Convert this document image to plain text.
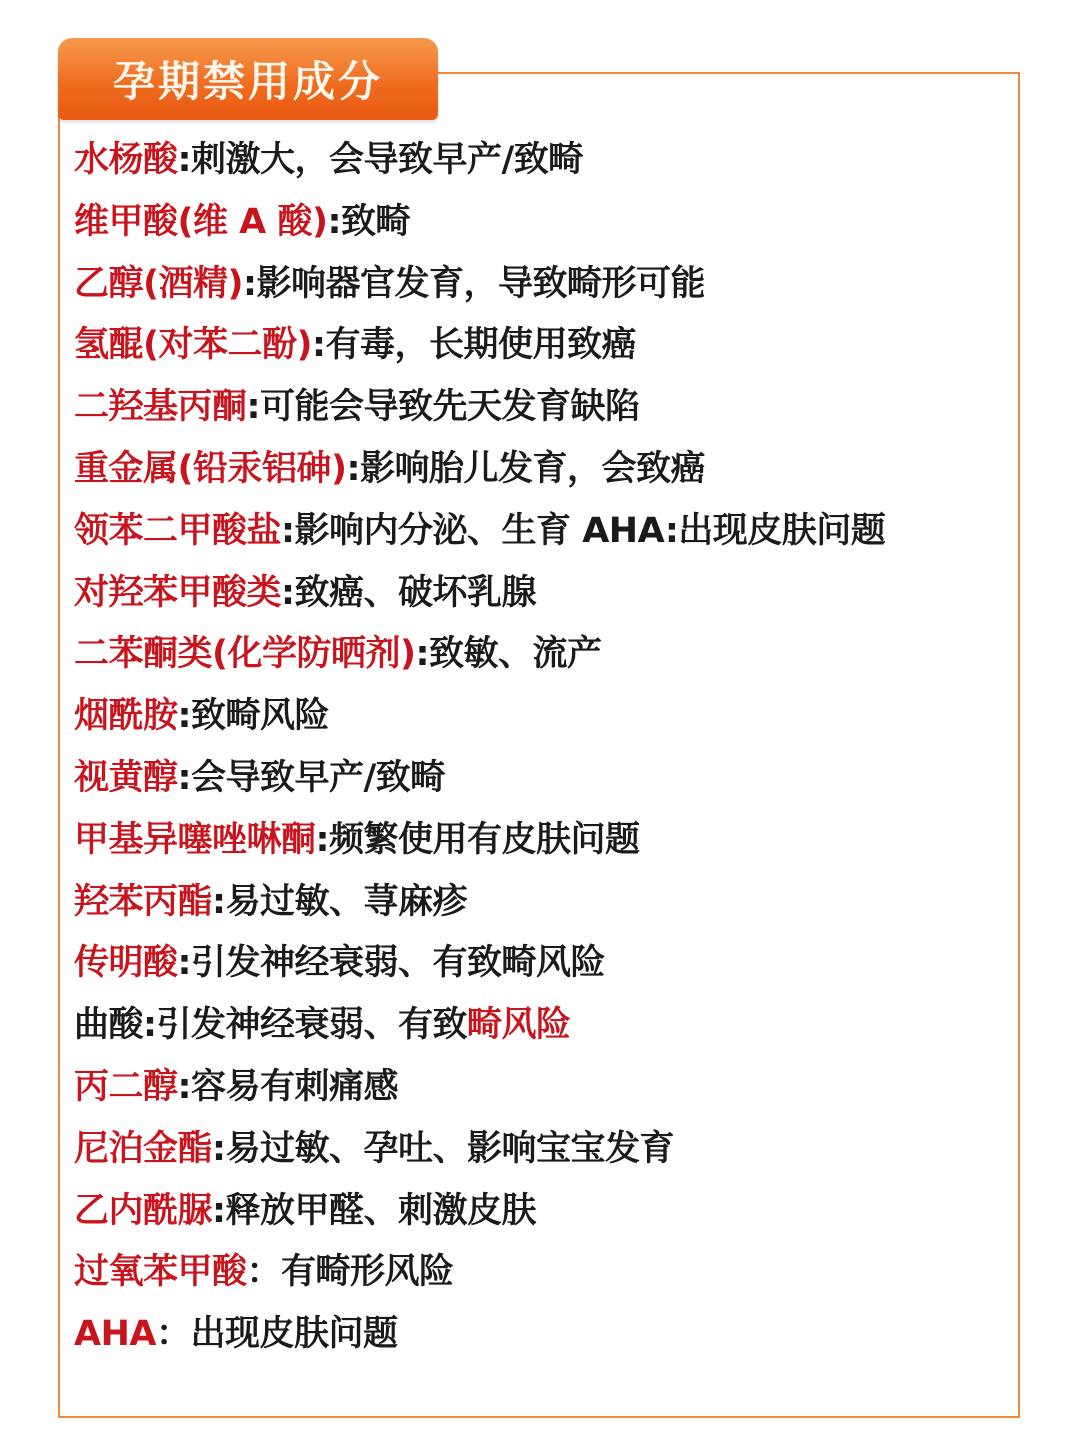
孕期禁用成分
水杨酸:刺激大，会导致早产/致畸
维甲酸(维 A 酸):致畸
乙醇(酒精):影响器官发育，导致畸形可能
氢醌(对苯二酚):有毒，长期使用致癌
二羟基丙酮:可能会导致先天发育缺陷
重金属(铅汞铝砷):影响胎儿发育，会致癌
领苯二甲酸盐:影响内分泌、生育 AHA:出现皮肤问题
对羟苯甲酸类:致癌、破坏乳腺
二苯酮类(化学防晒剂):致敏、流产
烟酰胺:致畸风险
视黄醇:会导致早产/致畸
甲基异噻唑啉酮:频繁使用有皮肤问题
羟苯丙酯:易过敏、荨麻疹
传明酸:引发神经衰弱、有致畸风险
曲酸:引发神经衰弱、有致畸风险
丙二醇:容易有刺痛感
尼泊金酯:易过敏、孕吐、影响宝宝发育
乙内酰脲:释放甲醛、刺激皮肤
过氧苯甲酸：有畸形风险
AHA：出现皮肤问题
